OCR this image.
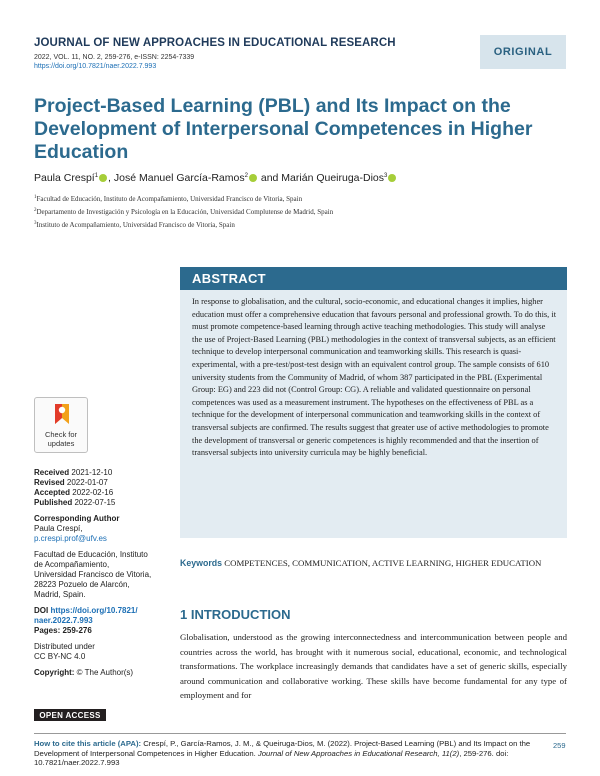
JOURNAL OF NEW APPROACHES IN EDUCATIONAL RESEARCH
2022, VOL. 11, NO. 2, 259-276, e-ISSN: 2254-7339
https://doi.org/10.7821/naer.2022.7.993
ORIGINAL
Project-Based Learning (PBL) and Its Impact on the Development of Interpersonal Competences in Higher Education
Paula Crespí$^1$ , José Manuel García-Ramos$^2$ and Marián Queiruga-Dios$^3$
$^1$Facultad de Educación, Instituto de Acompañamiento, Universidad Francisco de Vitoria, Spain
$^2$Departamento de Investigación y Psicología en la Educación, Universidad Complutense de Madrid, Spain
$^3$Instituto de Acompañamiento, Universidad Francisco de Vitoria, Spain
ABSTRACT
In response to globalisation, and the cultural, socio-economic, and educational changes it implies, higher education must offer a comprehensive education that favours personal and professional growth. To do this, it must promote competence-based learning through active teaching methodologies. This study will analyse the use of Project-Based Learning (PBL) methodologies in the context of transversal subjects, as an efficient technique to develop interpersonal communication and teamworking skills. This research is quasi-experimental, with a pre-test/post-test design with an equivalent control group. The sample consists of 610 university students from the Community of Madrid, of whom 387 participated in the PBL (Experimental Group: EG) and 223 did not (Control Group: CG). A reliable and validated questionnaire on personal competences was used as a measurement instrument. The hypotheses on the effectiveness of PBL as a technique for the development of interpersonal communication and teamworking skills in the context of transversal subjects are confirmed. The results suggest that greater use of active methodologies to promote the development of transversal or generic competences is highly recommended and that the insertion of transversal subjects into university curricula may be highly beneficial.
Check for
updates
Received 2021-12-10
Revised 2022-01-07
Accepted 2022-02-16
Published 2022-07-15
Corresponding Author
Paula Crespí,
p.crespi.prof@ufv.es
Facultad de Educación, Instituto
de Acompañamiento,
Universidad Francisco de Vitoria,
28223 Pozuelo de Alarcón,
Madrid, Spain.
DOI https://doi.org/10.7821/
naer.2022.7.993
Pages: 259-276
Distributed under
CC BY-NC 4.0
Copyright: © The Author(s)
OPEN ACCESS
Keywords COMPETENCES, COMMUNICATION, ACTIVE LEARNING, HIGHER EDUCATION
1 INTRODUCTION

Globalisation, understood as the growing interconnectedness and intercommunication between people and countries across the world, has brought with it numerous social, educational, economic, and technological transformations. The workplace increasingly demands that candidates have a set of generic skills, especially around communication and collaborative working. These skills have become fundamental for any type of employment and for

How to cite this article (APA): Crespí, P., García-Ramos, J. M., & Queiruga-Dios, M. (2022). Project-Based Learning (PBL) and Its Impact on the Development of Interpersonal Competences in Higher Education. Journal of New Approaches in Educational Research, 11(2), 259-276. doi: 10.7821/naer.2022.7.993
259
